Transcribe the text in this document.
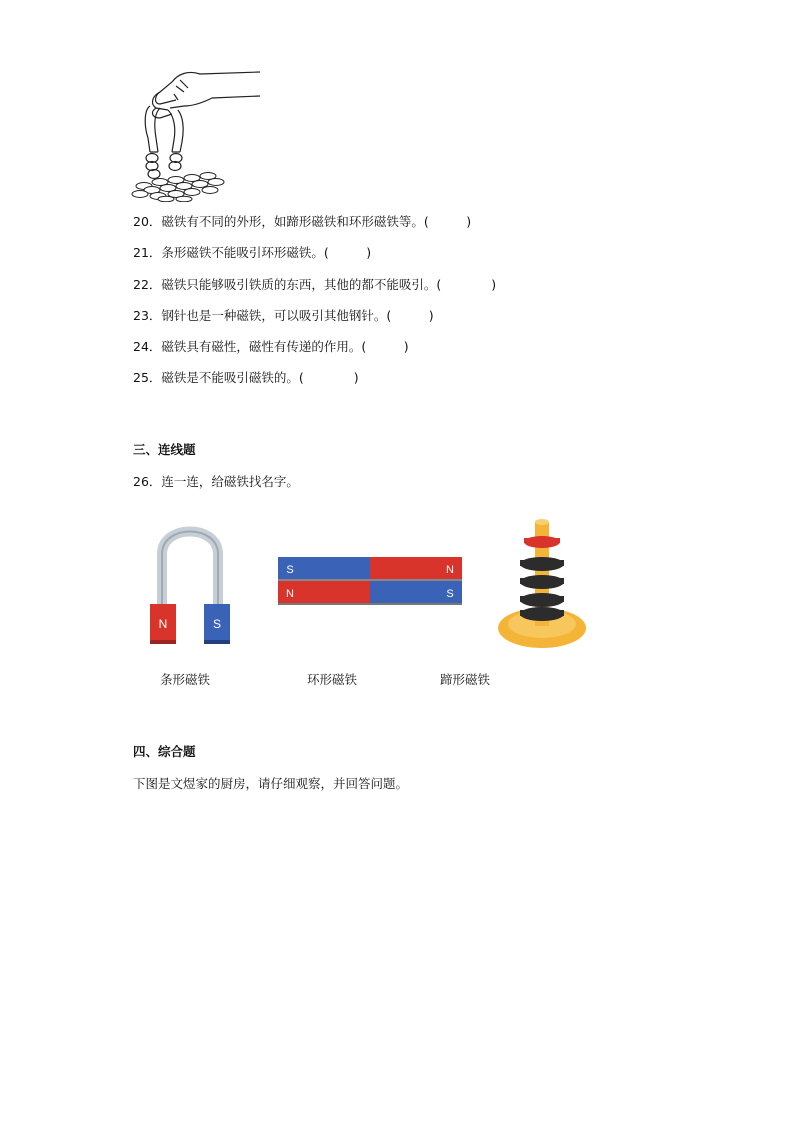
20．磁铁有不同的外形，如蹄形磁铁和环形磁铁等。(　　　)
21．条形磁铁不能吸引环形磁铁。(　　　)
22．磁铁只能够吸引铁质的东西，其他的都不能吸引。(　　　　)
23．钢针也是一种磁铁，可以吸引其他钢针。(　　　)
24．磁铁具有磁性，磁性有传递的作用。(　　　)
25．磁铁是不能吸引磁铁的。(　　　　)
三、连线题
26．连一连，给磁铁找名字。
N	S
S	N
N	S
条形磁铁	环形磁铁	蹄形磁铁
四、综合题
下图是文煜家的厨房，请仔细观察，并回答问题。
